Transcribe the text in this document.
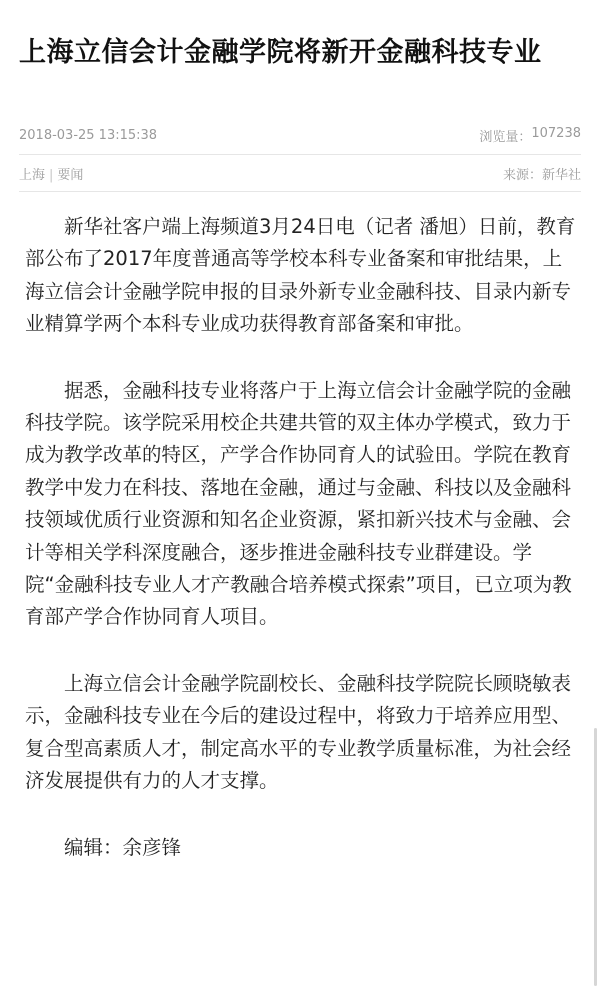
上海立信会计金融学院将新开金融科技专业
2018-03-25 13:15:38	浏览量： 107238
上海 | 要闻	来源：新华社

新华社客户端上海频道3月24日电（记者 潘旭）日前，教育部公布了2017年度普通高等学校本科专业备案和审批结果，上海立信会计金融学院申报的目录外新专业金融科技、目录内新专业精算学两个本科专业成功获得教育部备案和审批。

据悉，金融科技专业将落户于上海立信会计金融学院的金融科技学院。该学院采用校企共建共管的双主体办学模式，致力于成为教学改革的特区，产学合作协同育人的试验田。学院在教育教学中发力在科技、落地在金融，通过与金融、科技以及金融科技领域优质行业资源和知名企业资源，紧扣新兴技术与金融、会计等相关学科深度融合，逐步推进金融科技专业群建设。学院“金融科技专业人才产教融合培养模式探索”项目，已立项为教育部产学合作协同育人项目。

上海立信会计金融学院副校长、金融科技学院院长顾晓敏表示，金融科技专业在今后的建设过程中，将致力于培养应用型、复合型高素质人才，制定高水平的专业教学质量标准，为社会经济发展提供有力的人才支撑。

编辑：余彦锋
